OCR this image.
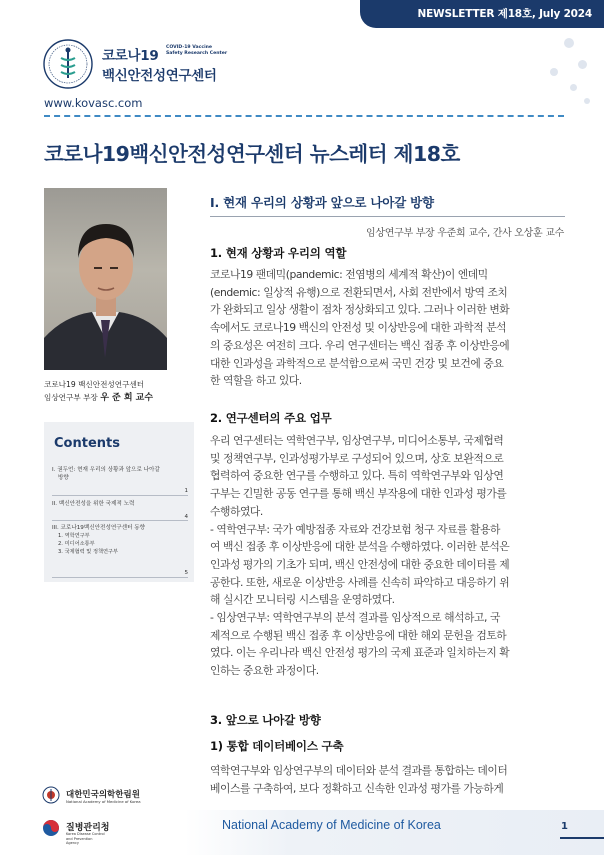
NEWSLETTER 제18호, July 2024
코로나19
백신안전성연구센터
COVID-19 Vaccine
Safety Research Center
www.kovasc.com
코로나19백신안전성연구센터 뉴스레터 제18호
코로나19 백신안전성연구센터
임상연구부 부장 우 준 희 교수
Contents
I. 권두언: 현재 우리의 상황과 앞으로 나아갈
방향
1
II. 백신안전성을 위한 국제적 노력
4
III. 코로나19백신안전성연구센터 동향
1. 역학연구부
2. 미디어소통부
3. 국제협력 및 정책연구부
5
I. 현재 우리의 상황과 앞으로 나아갈 방향
임상연구부 부장 우준희 교수, 간사 오상훈 교수
1. 현재 상황과 우리의 역할
코로나19 팬데믹(pandemic: 전염병의 세계적 확산)이 엔데믹
(endemic: 일상적 유행)으로 전환되면서, 사회 전반에서 방역 조치
가 완화되고 일상 생활이 점차 정상화되고 있다. 그러나 이러한 변화
속에서도 코로나19 백신의 안전성 및 이상반응에 대한 과학적 분석
의 중요성은 여전히 크다. 우리 연구센터는 백신 접종 후 이상반응에
대한 인과성을 과학적으로 분석함으로써 국민 건강 및 보건에 중요
한 역할을 하고 있다.
2. 연구센터의 주요 업무
우리 연구센터는 역학연구부, 임상연구부, 미디어소통부, 국제협력
및 정책연구부, 인과성평가부로 구성되어 있으며, 상호 보완적으로
협력하여 중요한 연구를 수행하고 있다. 특히 역학연구부와 임상연
구부는 긴밀한 공동 연구를 통해 백신 부작용에 대한 인과성 평가를
수행하였다.
- 역학연구부: 국가 예방접종 자료와 건강보험 청구 자료를 활용하
여 백신 접종 후 이상반응에 대한 분석을 수행하였다. 이러한 분석은
인과성 평가의 기초가 되며, 백신 안전성에 대한 중요한 데이터를 제
공한다. 또한, 새로운 이상반응 사례를 신속히 파악하고 대응하기 위
해 실시간 모니터링 시스템을 운영하였다.
- 임상연구부: 역학연구부의 분석 결과를 임상적으로 해석하고, 국
제적으로 수행된 백신 접종 후 이상반응에 대한 해외 문헌을 검토하
였다. 이는 우리나라 백신 안전성 평가의 국제 표준과 일치하는지 확
인하는 중요한 과정이다.
3. 앞으로 나아갈 방향
1) 통합 데이터베이스 구축
역학연구부와 임상연구부의 데이터와 분석 결과를 통합하는 데이터
베이스를 구축하여, 보다 정확하고 신속한 인과성 평가를 가능하게
대한민국의학한림원
National Academy of Medicine of Korea
질병관리청
Korea Disease Control and Prevention Agency
National Academy of Medicine of Korea	1
